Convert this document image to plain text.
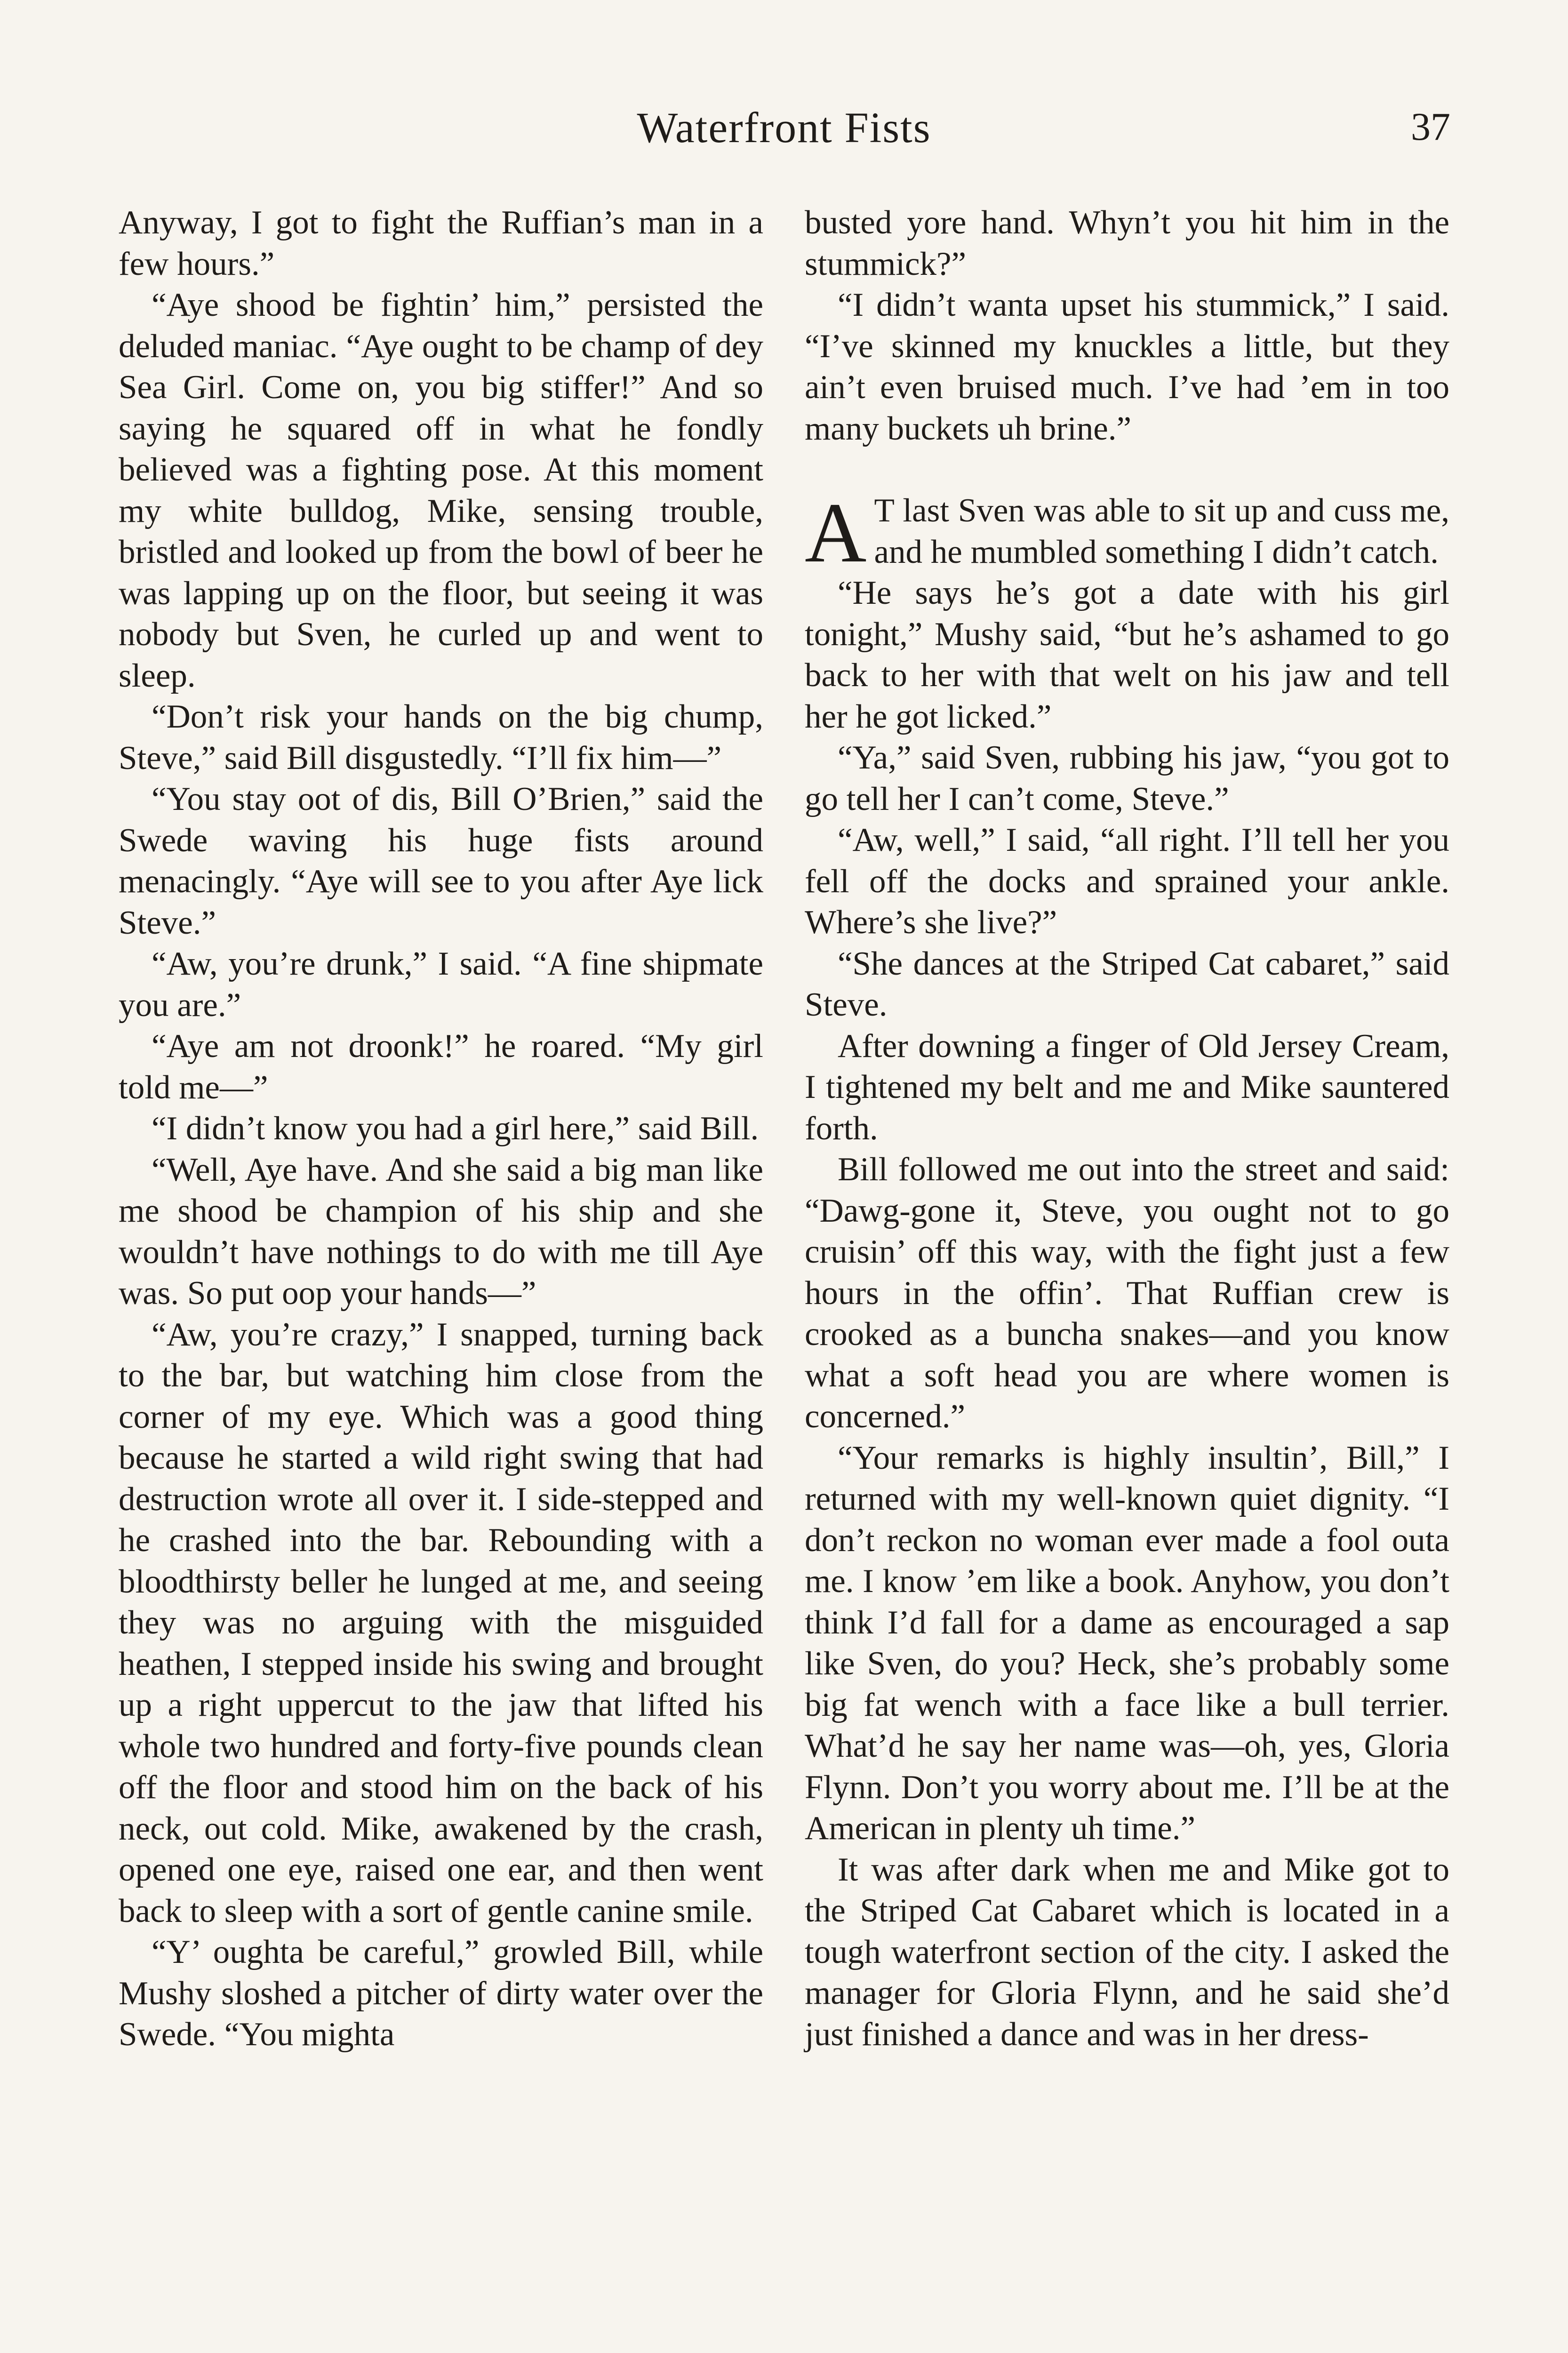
Waterfront Fists	37

Anyway, I got to fight the Ruffian’s man in a few hours.”

“Aye shood be fightin’ him,” persisted the deluded maniac. “Aye ought to be champ of dey Sea Girl. Come on, you big stiffer!” And so saying he squared off in what he fondly believed was a fighting pose. At this moment my white bulldog, Mike, sensing trouble, bristled and looked up from the bowl of beer he was lapping up on the floor, but seeing it was nobody but Sven, he curled up and went to sleep.

“Don’t risk your hands on the big chump, Steve,” said Bill disgustedly. “I’ll fix him—”

“You stay oot of dis, Bill O’Brien,” said the Swede waving his huge fists around menacingly. “Aye will see to you after Aye lick Steve.”

“Aw, you’re drunk,” I said. “A fine shipmate you are.”

“Aye am not droonk!” he roared. “My girl told me—”

“I didn’t know you had a girl here,” said Bill.

“Well, Aye have. And she said a big man like me shood be champion of his ship and she wouldn’t have nothings to do with me till Aye was. So put oop your hands—”

“Aw, you’re crazy,” I snapped, turning back to the bar, but watching him close from the corner of my eye. Which was a good thing because he started a wild right swing that had destruction wrote all over it. I side-stepped and he crashed into the bar. Rebounding with a bloodthirsty beller he lunged at me, and seeing they was no arguing with the misguided heathen, I stepped inside his swing and brought up a right uppercut to the jaw that lifted his whole two hundred and forty-five pounds clean off the floor and stood him on the back of his neck, out cold. Mike, awakened by the crash, opened one eye, raised one ear, and then went back to sleep with a sort of gentle canine smile.

“Y’ oughta be careful,” growled Bill, while Mushy sloshed a pitcher of dirty water over the Swede. “You mighta

busted yore hand. Whyn’t you hit him in the stummick?”

“I didn’t wanta upset his stummick,” I said. “I’ve skinned my knuckles a little, but they ain’t even bruised much. I’ve had ’em in too many buckets uh brine.”

A T last Sven was able to sit up and cuss me, and he mumbled something I didn’t catch.

“He says he’s got a date with his girl tonight,” Mushy said, “but he’s ashamed to go back to her with that welt on his jaw and tell her he got licked.”

“Ya,” said Sven, rubbing his jaw, “you got to go tell her I can’t come, Steve.”

“Aw, well,” I said, “all right. I’ll tell her you fell off the docks and sprained your ankle. Where’s she live?”

“She dances at the Striped Cat cabaret,” said Steve.

After downing a finger of Old Jersey Cream, I tightened my belt and me and Mike sauntered forth.

Bill followed me out into the street and said: “Dawg-gone it, Steve, you ought not to go cruisin’ off this way, with the fight just a few hours in the offin’. That Ruffian crew is crooked as a buncha snakes—and you know what a soft head you are where women is concerned.”

“Your remarks is highly insultin’, Bill,” I returned with my well-known quiet dignity. “I don’t reckon no woman ever made a fool outa me. I know ’em like a book. Anyhow, you don’t think I’d fall for a dame as encouraged a sap like Sven, do you? Heck, she’s probably some big fat wench with a face like a bull terrier. What’d he say her name was—oh, yes, Gloria Flynn. Don’t you worry about me. I’ll be at the American in plenty uh time.”

It was after dark when me and Mike got to the Striped Cat Cabaret which is located in a tough waterfront section of the city. I asked the manager for Gloria Flynn, and he said she’d just finished a dance and was in her dress-
